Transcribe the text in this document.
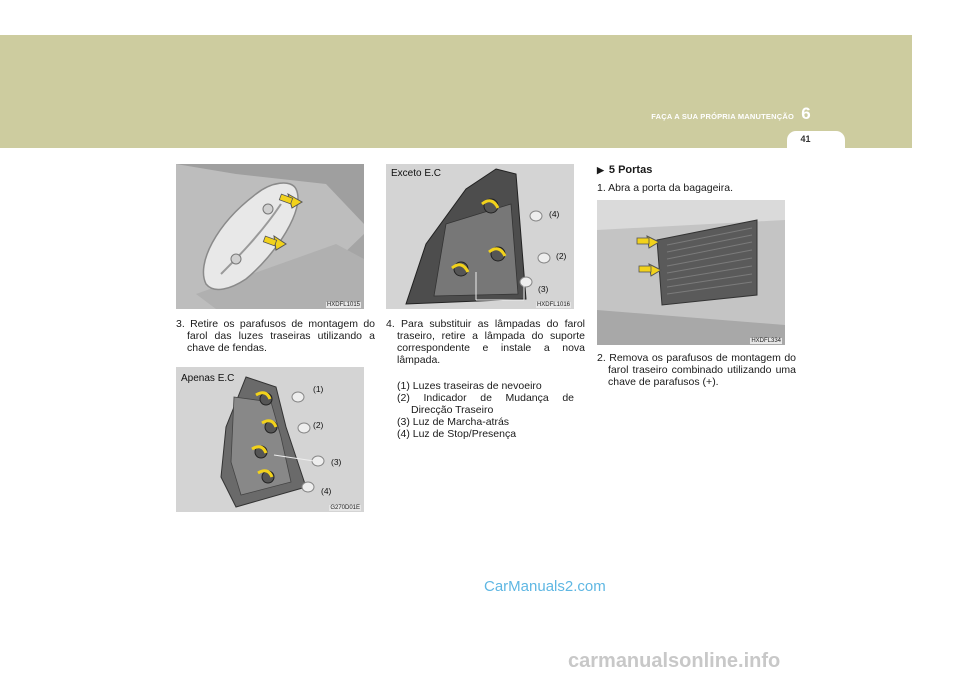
FAÇA A SUA PRÓPRIA MANUTENÇÃO 6
41
HXDFL1015
3. Retire os parafusos de montagem do farol das luzes traseiras utilizando a chave de fendas.
Apenas E.C
(1)
(2)
(3)
(4)
G270D01E
Exceto E.C
(4)
(2)
(3)
HXDFL1016
4. Para substituir as lâmpadas do farol traseiro, retire a lâmpada do suporte correspondente e instale a nova lâmpada.
(1) Luzes traseiras de nevoeiro
(2) Indicador de Mudança de Direcção Traseiro
(3) Luz de Marcha-atrás
(4) Luz de Stop/Presença
▶ 5 Portas
1. Abra a porta da bagageira.
HXDFL334
2. Remova os parafusos de montagem do farol traseiro combinado utilizando uma chave de parafusos (+).
CarManuals2.com
carmanualsonline.info
